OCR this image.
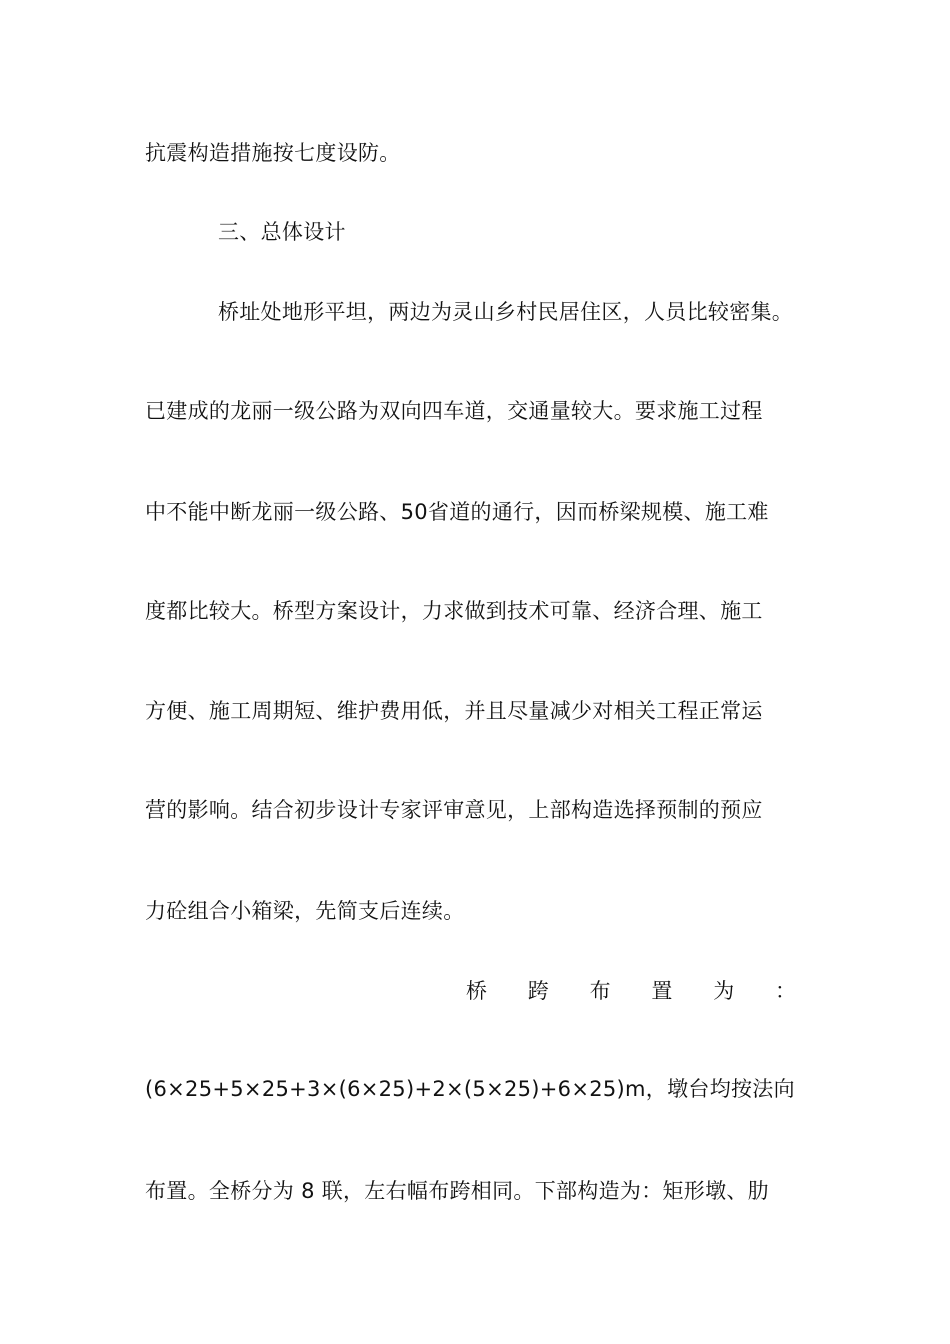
抗震构造措施按七度设防。
三、总体设计
桥址处地形平坦，两边为灵山乡村民居住区，人员比较密集。
已建成的龙丽一级公路为双向四车道，交通量较大。要求施工过程
中不能中断龙丽一级公路、50省道的通行，因而桥梁规模、施工难
度都比较大。桥型方案设计，力求做到技术可靠、经济合理、施工
方便、施工周期短、维护费用低，并且尽量减少对相关工程正常运
营的影响。结合初步设计专家评审意见，上部构造选择预制的预应
力砼组合小箱梁，先简支后连续。
桥 跨 布 置 为 ：
(6×25+5×25+3×(6×25)+2×(5×25)+6×25)m，墩台均按法向
布置。全桥分为 8 联，左右幅布跨相同。下部构造为：矩形墩、肋
